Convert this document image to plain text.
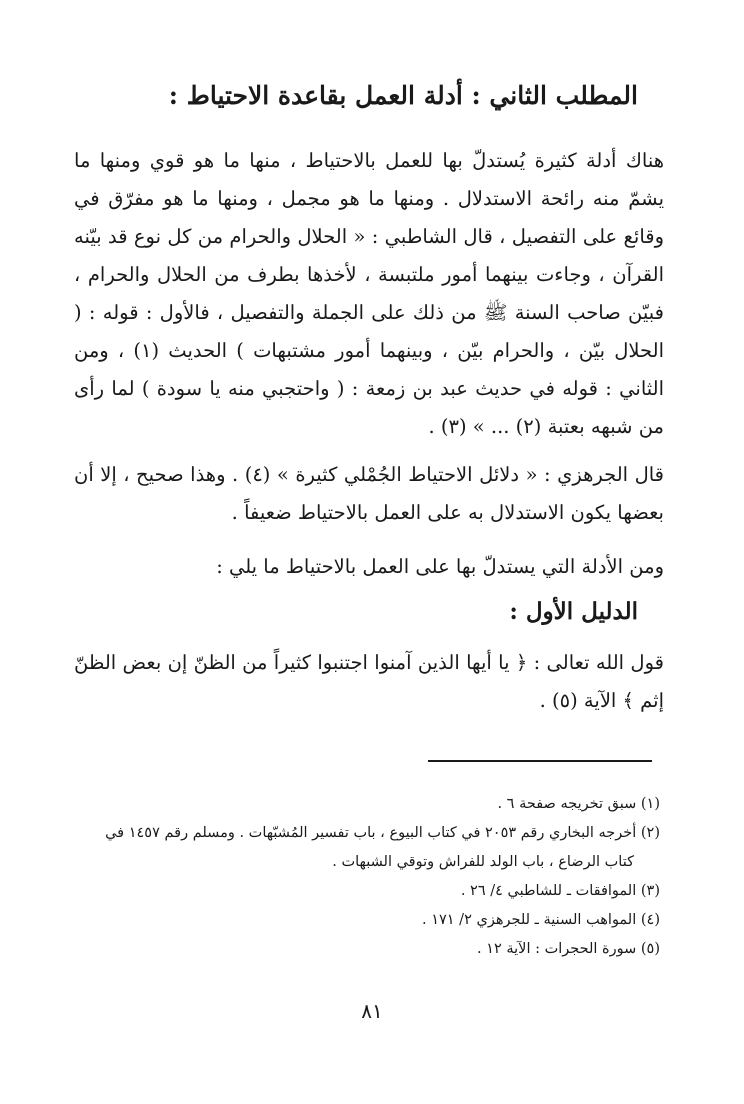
المطلب الثاني : أدلة العمل بقاعدة الاحتياط :

هناك أدلة كثيرة يُستدلّ بها للعمل بالاحتياط ، منها ما هو قوي ومنها ما يشمّ منه رائحة الاستدلال . ومنها ما هو مجمل ، ومنها ما هو مفرّق في وقائع على التفصيل ، قال الشاطبي : « الحلال والحرام من كل نوع قد بيّنه القرآن ، وجاءت بينهما أمور ملتبسة ، لأخذها بطرف من الحلال والحرام ، فبيّن صاحب السنة ﷺ من ذلك على الجملة والتفصيل ، فالأول : قوله : ( الحلال بيّن ، والحرام بيّن ، وبينهما أمور مشتبهات ) الحديث (١) ، ومن الثاني : قوله في حديث عبد بن زمعة : ( واحتجبي منه يا سودة ) لما رأى من شبهه بعتبة (٢) ... » (٣) .

قال الجرهزي : « دلائل الاحتياط الجُمْلي كثيرة » (٤) . وهذا صحيح ، إلا أن بعضها يكون الاستدلال به على العمل بالاحتياط ضعيفاً .

ومن الأدلة التي يستدلّ بها على العمل بالاحتياط ما يلي :

الدليل الأول :

قول الله تعالى : ﴿ يا أيها الذين آمنوا اجتنبوا كثيراً من الظنّ إن بعض الظنّ إثم ﴾ الآية (٥) .

(١) سبق تخريجه صفحة ٦ .

(٢) أخرجه البخاري رقم ٢٠٥٣ في كتاب البيوع ، باب تفسير المُشبّهات . ومسلم رقم ١٤٥٧ في

كتاب الرضاع ، باب الولد للفراش وتوقي الشبهات .

(٣) الموافقات ـ للشاطبي ٤/ ٢٦ .

(٤) المواهب السنية ـ للجرهزي ٢/ ١٧١ .

(٥) سورة الحجرات : الآية ١٢ .

٨١
